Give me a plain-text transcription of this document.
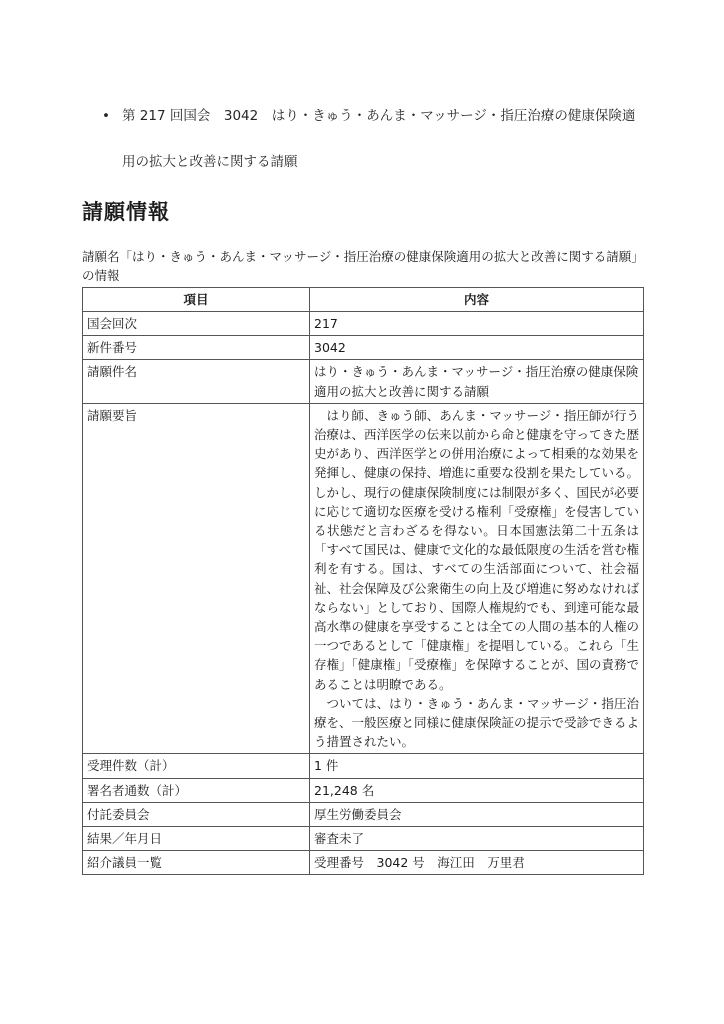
• 第 217 回国会　3042　はり・きゅう・あんま・マッサージ・指圧治療の健康保険適
用の拡大と改善に関する請願
請願情報
請願名「はり・きゅう・あんま・マッサージ・指圧治療の健康保険適用の拡大と改善に関する請願」の情報
項目	内容
国会回次	217
新件番号	3042
請願件名	はり・きゅう・あんま・マッサージ・指圧治療の健康保険適用の拡大と改善に関する請願
請願要旨	はり師、きゅう師、あんま・マッサージ・指圧師が行う治療は、西洋医学の伝来以前から命と健康を守ってきた歴史があり、西洋医学との併用治療によって相乗的な効果を発揮し、健康の保持、増進に重要な役割を果たしている。しかし、現行の健康保険制度には制限が多く、国民が必要に応じて適切な医療を受ける権利「受療権」を侵害している状態だと言わざるを得ない。日本国憲法第二十五条は「すべて国民は、健康で文化的な最低限度の生活を営む権利を有する。国は、すべての生活部面について、社会福祉、社会保障及び公衆衛生の向上及び増進に努めなければならない」としており、国際人権規約でも、到達可能な最高水準の健康を享受することは全ての人間の基本的人権の一つであるとして「健康権」を提唱している。これら「生存権」「健康権」「受療権」を保障することが、国の責務であることは明瞭である。

ついては、はり・きゅう・あんま・マッサージ・指圧治療を、一般医療と同様に健康保険証の提示で受診できるよう措置されたい。

受理件数（計）	1 件
署名者通数（計）	21,248 名
付託委員会	厚生労働委員会
結果／年月日	審査未了
紹介議員一覧	受理番号　3042 号　海江田　万里君
